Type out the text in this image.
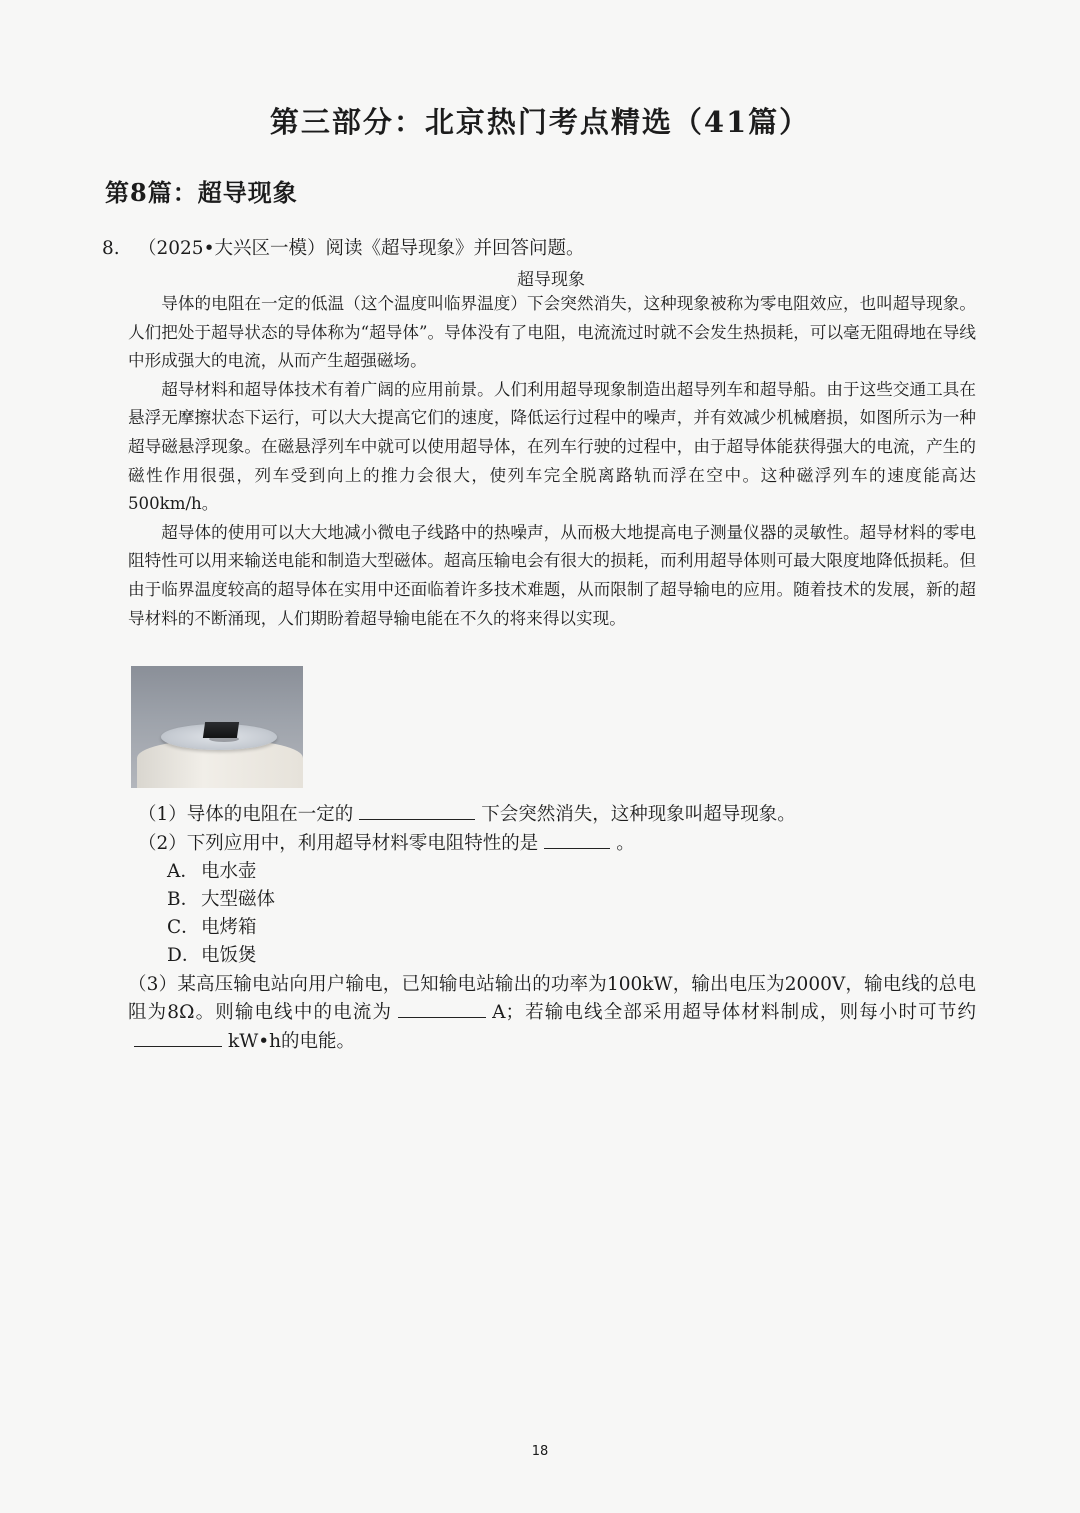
第三部分：北京热门考点精选（41篇）
第8篇：超导现象
8. （2025•大兴区一模）阅读《超导现象》并回答问题。
超导现象

导体的电阻在一定的低温（这个温度叫临界温度）下会突然消失，这种现象被称为零电阻效应，也叫超导现象。人们把处于超导状态的导体称为“超导体”。导体没有了电阻，电流流过时就不会发生热损耗，可以毫无阻碍地在导线中形成强大的电流，从而产生超强磁场。

超导材料和超导体技术有着广阔的应用前景。人们利用超导现象制造出超导列车和超导船。由于这些交通工具在悬浮无摩擦状态下运行，可以大大提高它们的速度，降低运行过程中的噪声，并有效减少机械磨损，如图所示为一种超导磁悬浮现象。在磁悬浮列车中就可以使用超导体，在列车行驶的过程中，由于超导体能获得强大的电流，产生的磁性作用很强，列车受到向上的推力会很大，使列车完全脱离路轨而浮在空中。这种磁浮列车的速度能高达500km/h。

超导体的使用可以大大地减小微电子线路中的热噪声，从而极大地提高电子测量仪器的灵敏性。超导材料的零电阻特性可以用来输送电能和制造大型磁体。超高压输电会有很大的损耗，而利用超导体则可最大限度地降低损耗。但由于临界温度较高的超导体在实用中还面临着许多技术难题，从而限制了超导输电的应用。随着技术的发展，新的超导材料的不断涌现，人们期盼着超导输电能在不久的将来得以实现。

（1）导体的电阻在一定的	下会突然消失，这种现象叫超导现象。
（2）下列应用中，利用超导材料零电阻特性的是	。
A． 电水壶
B． 大型磁体
C．电烤箱
D．电饭煲

（3）某高压输电站向用户输电，已知输电站输出的功率为100kW，输出电压为2000V，输电线的总电阻为8Ω。则输电线中的电流为	A；若输电线全部采用超导体材料制成，则每小时可节约kW•h的电能。

18
